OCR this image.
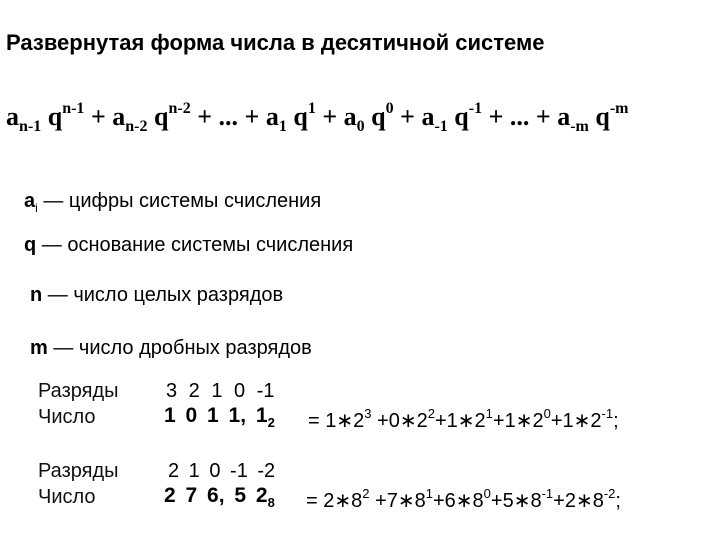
Развернутая форма числа в десятичной системе
$a_{n-1}$ $q^{n-1} + a_{n-2}$ $q^{n-2}$ + ... + $a_1$ $q^1 + a_0$ $q^0 + a_{-1}$ $q^{-1}$ + ... + $a_{-m}$ $q^{-m}$
$a_i$ — цифры системы счисления
q — основание системы счисления
n — число целых разрядов
m — число дробных разрядов
Разряды 3 2 1 0 -1
Число	1 0 1 1, $1_2$ = $1∗2^3$ $+0∗2^2+1∗2^1+1∗2^0+1∗2^{-1}$;
Разряды 2 1 0 -1 -2
Число	2 7 6, 5 $2_8$ = $2∗8^2$ $+7∗8^1+6∗8^0+5∗8^{-1}+2∗8^{-2}$;
